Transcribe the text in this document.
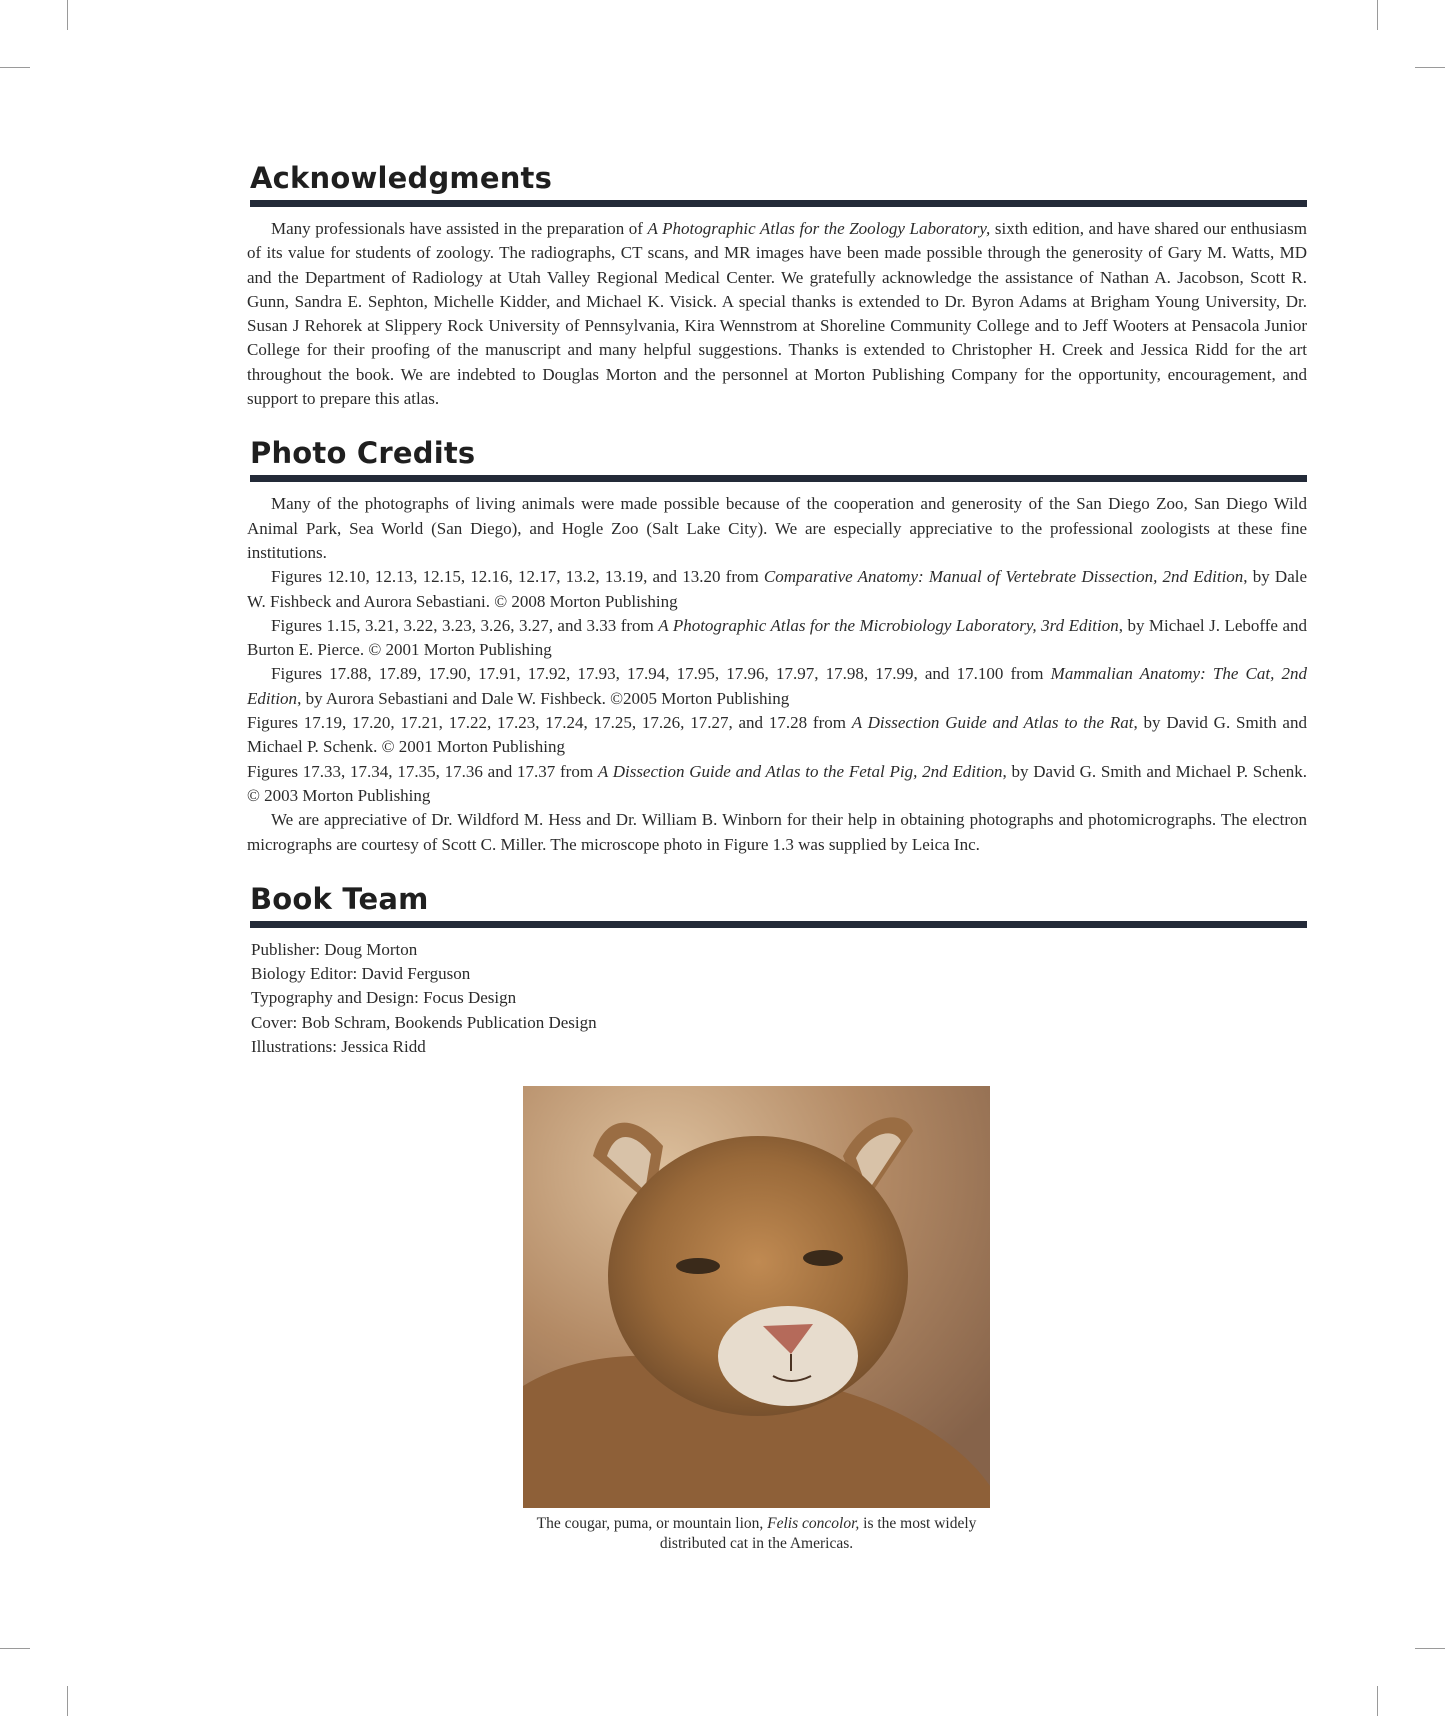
Acknowledgments

Many professionals have assisted in the preparation of A Photographic Atlas for the Zoology Laboratory, sixth edition, and have shared our enthusiasm of its value for students of zoology. The radiographs, CT scans, and MR images have been made possible through the generosity of Gary M. Watts, MD and the Department of Radiology at Utah Valley Regional Medical Center. We gratefully acknowledge the assistance of Nathan A. Jacobson, Scott R. Gunn, Sandra E. Sephton, Michelle Kidder, and Michael K. Visick. A special thanks is extended to Dr. Byron Adams at Brigham Young University, Dr. Susan J Rehorek at Slippery Rock University of Pennsylvania, Kira Wennstrom at Shoreline Community College and to Jeff Wooters at Pensacola Junior College for their proofing of the manuscript and many helpful suggestions. Thanks is extended to Christopher H. Creek and Jessica Ridd for the art throughout the book. We are indebted to Douglas Morton and the personnel at Morton Publishing Company for the opportunity, encouragement, and support to prepare this atlas.

Photo Credits

Many of the photographs of living animals were made possible because of the cooperation and generosity of the San Diego Zoo, San Diego Wild Animal Park, Sea World (San Diego), and Hogle Zoo (Salt Lake City). We are especially appreciative to the professional zoologists at these fine institutions.

Figures 12.10, 12.13, 12.15, 12.16, 12.17, 13.2, 13.19, and 13.20 from Comparative Anatomy: Manual of Vertebrate Dissection, 2nd Edition, by Dale W. Fishbeck and Aurora Sebastiani. © 2008 Morton Publishing

Figures 1.15, 3.21, 3.22, 3.23, 3.26, 3.27, and 3.33 from A Photographic Atlas for the Microbiology Laboratory, 3rd Edition, by Michael J. Leboffe and Burton E. Pierce. © 2001 Morton Publishing

Figures 17.88, 17.89, 17.90, 17.91, 17.92, 17.93, 17.94, 17.95, 17.96, 17.97, 17.98, 17.99, and 17.100 from Mammalian Anatomy: The Cat, 2nd Edition, by Aurora Sebastiani and Dale W. Fishbeck. ©2005 Morton Publishing

Figures 17.19, 17.20, 17.21, 17.22, 17.23, 17.24, 17.25, 17.26, 17.27, and 17.28 from A Dissection Guide and Atlas to the Rat, by David G. Smith and Michael P. Schenk. © 2001 Morton Publishing

Figures 17.33, 17.34, 17.35, 17.36 and 17.37 from A Dissection Guide and Atlas to the Fetal Pig, 2nd Edition, by David G. Smith and Michael P. Schenk. © 2003 Morton Publishing

We are appreciative of Dr. Wildford M. Hess and Dr. William B. Winborn for their help in obtaining photographs and photomicrographs. The electron micrographs are courtesy of Scott C. Miller. The microscope photo in Figure 1.3 was supplied by Leica Inc.

Book Team

Publisher: Doug Morton

Biology Editor: David Ferguson

Typography and Design: Focus Design

Cover: Bob Schram, Bookends Publication Design

Illustrations: Jessica Ridd

The cougar, puma, or mountain lion, Felis concolor, is the most widely distributed cat in the Americas.
